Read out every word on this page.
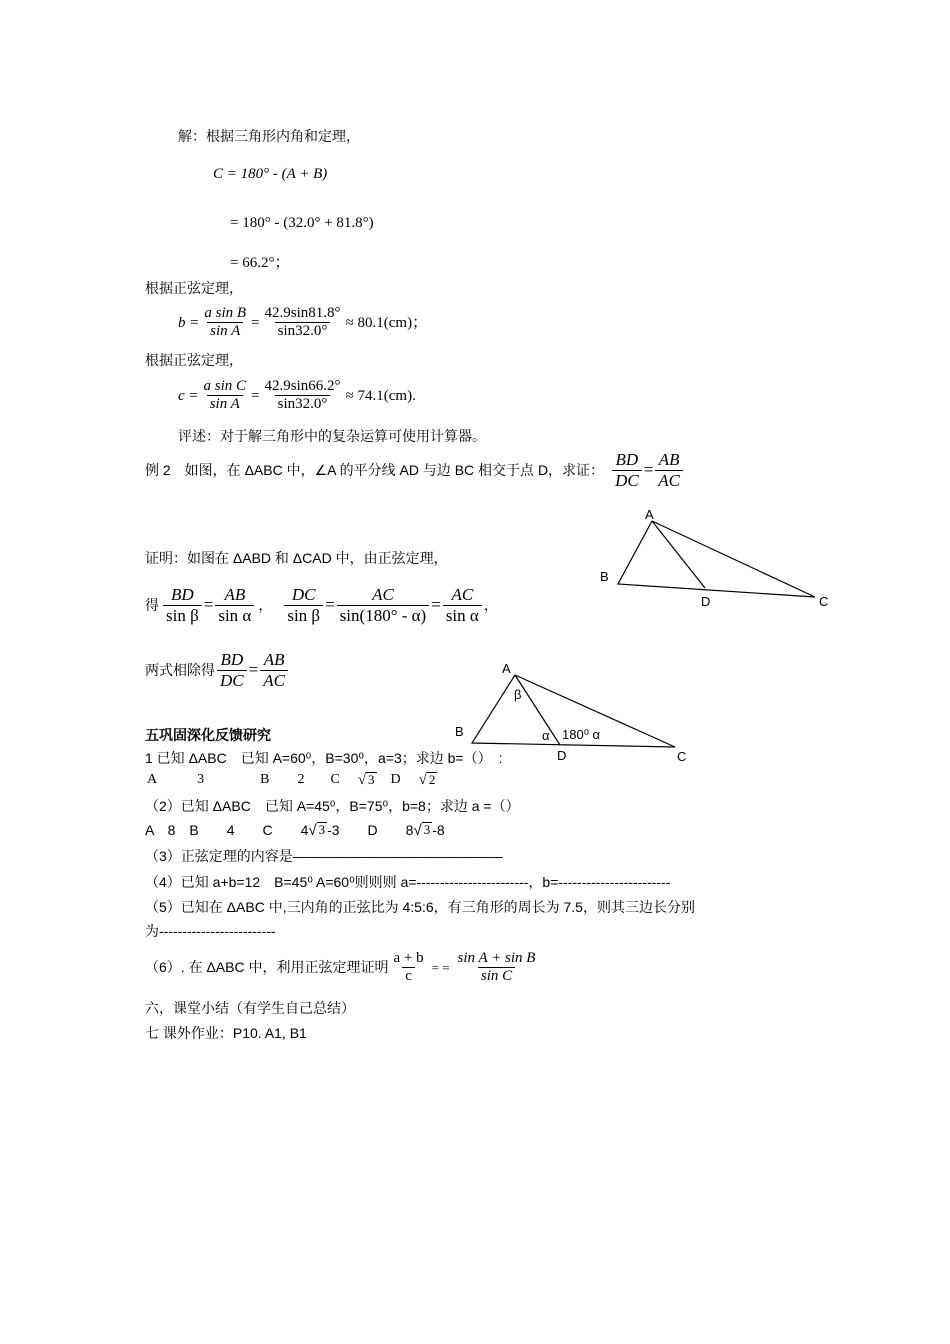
解：根据三角形内角和定理，
C = 180° - (A + B)
= 180° - (32.0° + 81.8°)
= 66.2°；
根据正弦定理，
$b = \frac{\text{a sin B}}{\text{sin A}} = \frac{42.9\sin 81.8^\circ}{\sin 32.0^\circ} \approx 80.1(cm)$；
根据正弦定理，
$c = \frac{\text{a sin C}}{\text{sin A}} = \frac{42.9\sin 66.2^\circ}{\sin 32.0^\circ} \approx 74.1(cm)$.
评述：对于解三角形中的复杂运算可使用计算器。
例 2　如图，在 ΔABC 中，∠A 的平分线 AD 与边 BC 相交于点 D，求证： $\frac{BD}{DC} = \frac{AB}{AC}$
A
B
D	C
证明：如图在 ΔABD 和 ΔCAD 中，由正弦定理，
得 $\frac{BD}{\text{sin β}} = \frac{AB}{\text{sin α}}$ ， $\frac{DC}{\text{sin β}} = \frac{AC}{\sin(180^\circ - \alpha)} = \frac{AC}{\text{sin α}}$ ，
两式相除得 $\frac{BD}{DC} = \frac{AB}{AC}$	A
β
B	α 180⁰ α
D	C
五巩固深化反馈研究
1 已知 ΔABC　已知 A=60⁰，B=30⁰，a=3；求边 b=（）　:
A	3	B 2 C √ 3 D √ 2
（2）已知 ΔABC　已知 A=45⁰，B=75⁰，b=8；求边 a =（）
A　8　B　　4　　C　　4 √ 3 -3　　D　　8 √ 3 -8
（3）正弦定理的内容是———————————————
（4）已知 a+b=12　B=45⁰ A=60⁰则则则 a=------------------------，b=------------------------
（5）已知在 ΔABC 中,三内角的正弦比为 4:5:6，有三角形的周长为 7.5，则其三边长分别
为-------------------------
（6）. 在 ΔABC 中，利用正弦定理证明 $\frac{a + b}{c}$ = = $\frac{\text{sin A + sin B}}{\text{sin C}}$
六，课堂小结（有学生自己总结）
七 课外作业：P10. A1, B1
